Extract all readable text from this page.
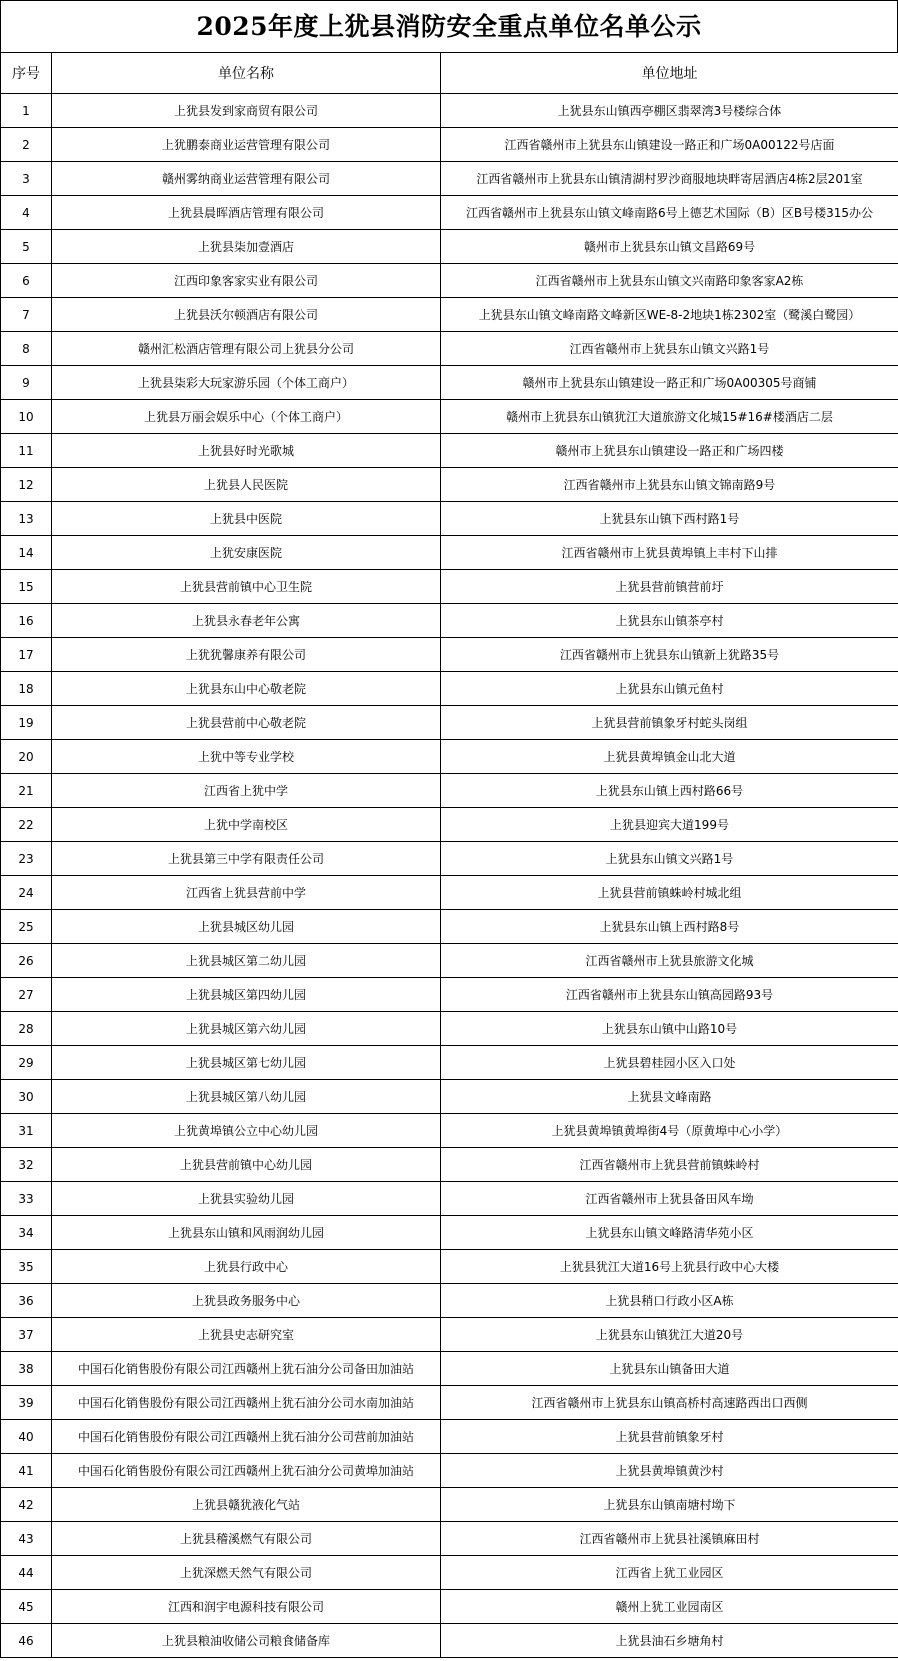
2025年度上犹县消防安全重点单位名单公示
序号	单位名称	单位地址
1	上犹县发到家商贸有限公司	上犹县东山镇西亭棚区翡翠湾3号楼综合体
2	上犹鹏泰商业运营管理有限公司	江西省赣州市上犹县东山镇建设一路正和广场0A00122号店面
3	赣州雾纳商业运营管理有限公司	江西省赣州市上犹县东山镇清湖村罗沙商服地块畔寄居酒店4栋2层201室
4	上犹县晨晖酒店管理有限公司	江西省赣州市上犹县东山镇文峰南路6号上德艺术国际（B）区B号楼315办公
5	上犹县柒加壹酒店	赣州市上犹县东山镇文昌路69号
6	江西印象客家实业有限公司	江西省赣州市上犹县东山镇文兴南路印象客家A2栋
7	上犹县沃尔顿酒店有限公司	上犹县东山镇文峰南路文峰新区WE-8-2地块1栋2302室（鹭溪白鹭园）
8	赣州汇松酒店管理有限公司上犹县分公司	江西省赣州市上犹县东山镇文兴路1号
9	上犹县柒彩大玩家游乐园（个体工商户）	赣州市上犹县东山镇建设一路正和广场0A00305号商铺
10	上犹县万丽会娱乐中心（个体工商户）	赣州市上犹县东山镇犹江大道旅游文化城15#16#楼酒店二层
11	上犹县好时光歌城	赣州市上犹县东山镇建设一路正和广场四楼
12	上犹县人民医院	江西省赣州市上犹县东山镇文锦南路9号
13	上犹县中医院	上犹县东山镇下西村路1号
14	上犹安康医院	江西省赣州市上犹县黄埠镇上丰村下山排
15	上犹县营前镇中心卫生院	上犹县营前镇营前圩
16	上犹县永春老年公寓	上犹县东山镇茶亭村
17	上犹犹馨康养有限公司	江西省赣州市上犹县东山镇新上犹路35号
18	上犹县东山中心敬老院	上犹县东山镇元鱼村
19	上犹县营前中心敬老院	上犹县营前镇象牙村蛇头岗组
20	上犹中等专业学校	上犹县黄埠镇金山北大道
21	江西省上犹中学	上犹县东山镇上西村路66号
22	上犹中学南校区	上犹县迎宾大道199号
23	上犹县第三中学有限责任公司	上犹县东山镇文兴路1号
24	江西省上犹县营前中学	上犹县营前镇蛛岭村城北组
25	上犹县城区幼儿园	上犹县东山镇上西村路8号
26	上犹县城区第二幼儿园	江西省赣州市上犹县旅游文化城
27	上犹县城区第四幼儿园	江西省赣州市上犹县东山镇高园路93号
28	上犹县城区第六幼儿园	上犹县东山镇中山路10号
29	上犹县城区第七幼儿园	上犹县碧桂园小区入口处
30	上犹县城区第八幼儿园	上犹县文峰南路
31	上犹黄埠镇公立中心幼儿园	上犹县黄埠镇黄埠街4号（原黄埠中心小学）
32	上犹县营前镇中心幼儿园	江西省赣州市上犹县营前镇蛛岭村
33	上犹县实验幼儿园	江西省赣州市上犹县备田风车坳
34	上犹县东山镇和风雨润幼儿园	上犹县东山镇文峰路清华苑小区
35	上犹县行政中心	上犹县犹江大道16号上犹县行政中心大楼
36	上犹县政务服务中心	上犹县稍口行政小区A栋
37	上犹县史志研究室	上犹县东山镇犹江大道20号
38	中国石化销售股份有限公司江西赣州上犹石油分公司备田加油站	上犹县东山镇备田大道
39	中国石化销售股份有限公司江西赣州上犹石油分公司水南加油站	江西省赣州市上犹县东山镇高桥村高速路西出口西侧
40	中国石化销售股份有限公司江西赣州上犹石油分公司营前加油站	上犹县营前镇象牙村
41	中国石化销售股份有限公司江西赣州上犹石油分公司黄埠加油站	上犹县黄埠镇黄沙村
42	上犹县赣犹液化气站	上犹县东山镇南塘村坳下
43	上犹县稽溪燃气有限公司	江西省赣州市上犹县社溪镇麻田村
44	上犹深燃天然气有限公司	江西省上犹工业园区
45	江西和润宇电源科技有限公司	赣州上犹工业园南区
46	上犹县粮油收储公司粮食储备库	上犹县油石乡塘角村
